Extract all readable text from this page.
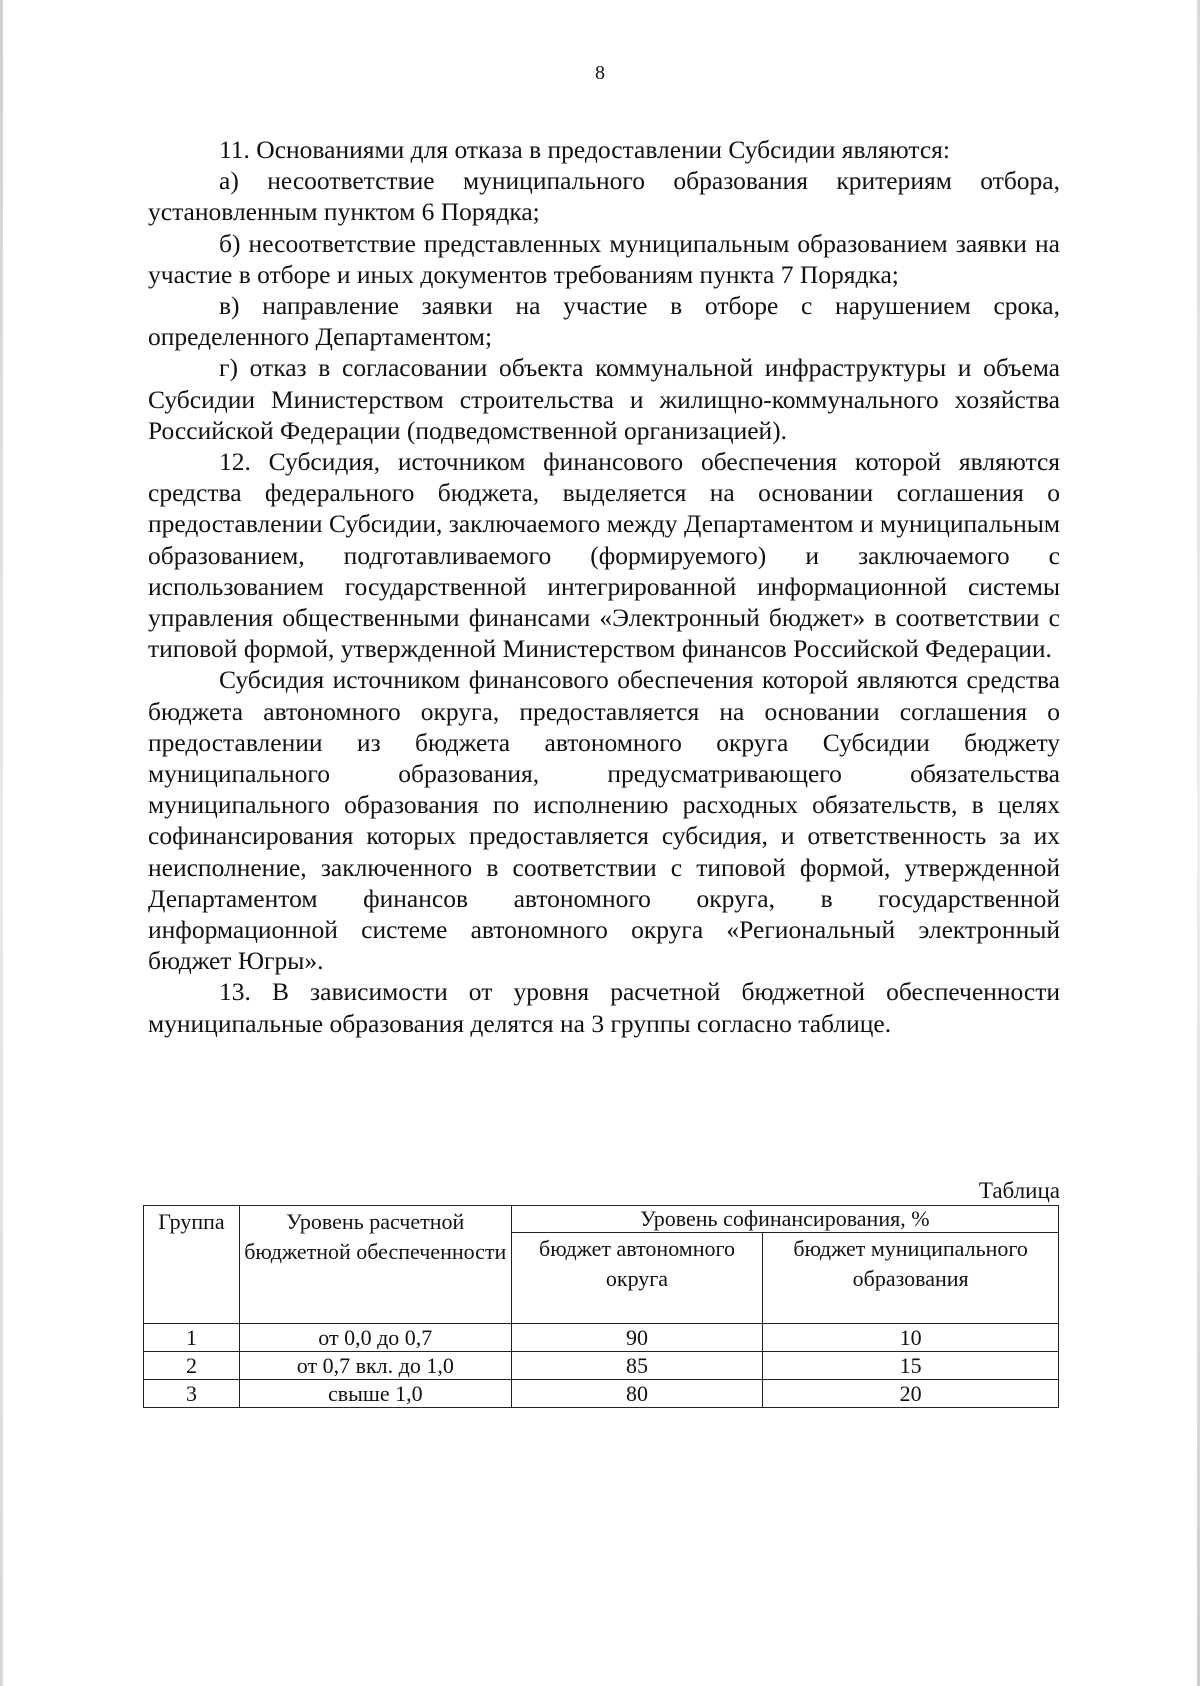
8

11. Основаниями для отказа в предоставлении Субсидии являются:

а) несоответствие муниципального образования критериям отбора, установленным пунктом 6 Порядка;

б) несоответствие представленных муниципальным образованием заявки на участие в отборе и иных документов требованиям пункта 7 Порядка;

в) направление заявки на участие в отборе с нарушением срока, определенного Департаментом;

г) отказ в согласовании объекта коммунальной инфраструктуры и объема Субсидии Министерством строительства и жилищно-коммунального хозяйства Российской Федерации (подведомственной организацией).

12. Субсидия, источником финансового обеспечения которой являются средства федерального бюджета, выделяется на основании соглашения о предоставлении Субсидии, заключаемого между Департаментом и муниципальным образованием, подготавливаемого (формируемого) и заключаемого с использованием государственной интегрированной информационной системы управления общественными финансами «Электронный бюджет» в соответствии с типовой формой, утвержденной Министерством финансов Российской Федерации.

Субсидия источником финансового обеспечения которой являются средства бюджета автономного округа, предоставляется на основании соглашения о предоставлении из бюджета автономного округа Субсидии бюджету муниципального образования, предусматривающего обязательства муниципального образования по исполнению расходных обязательств, в целях софинансирования которых предоставляется субсидия, и ответственность за их неисполнение, заключенного в соответствии с типовой формой, утвержденной Департаментом финансов автономного округа, в государственной информационной системе автономного округа «Региональный электронный бюджет Югры».

13. В зависимости от уровня расчетной бюджетной обеспеченности муниципальные образования делятся на 3 группы согласно таблице.

Таблица
Группа	Уровень расчетной бюджетной обеспеченности	Уровень софинансирования, %	
		бюджет автономного округа	бюджет муниципального образования
1	от 0,0 до 0,7	90	10
2	от 0,7 вкл. до 1,0	85	15
3	свыше 1,0	80	20
